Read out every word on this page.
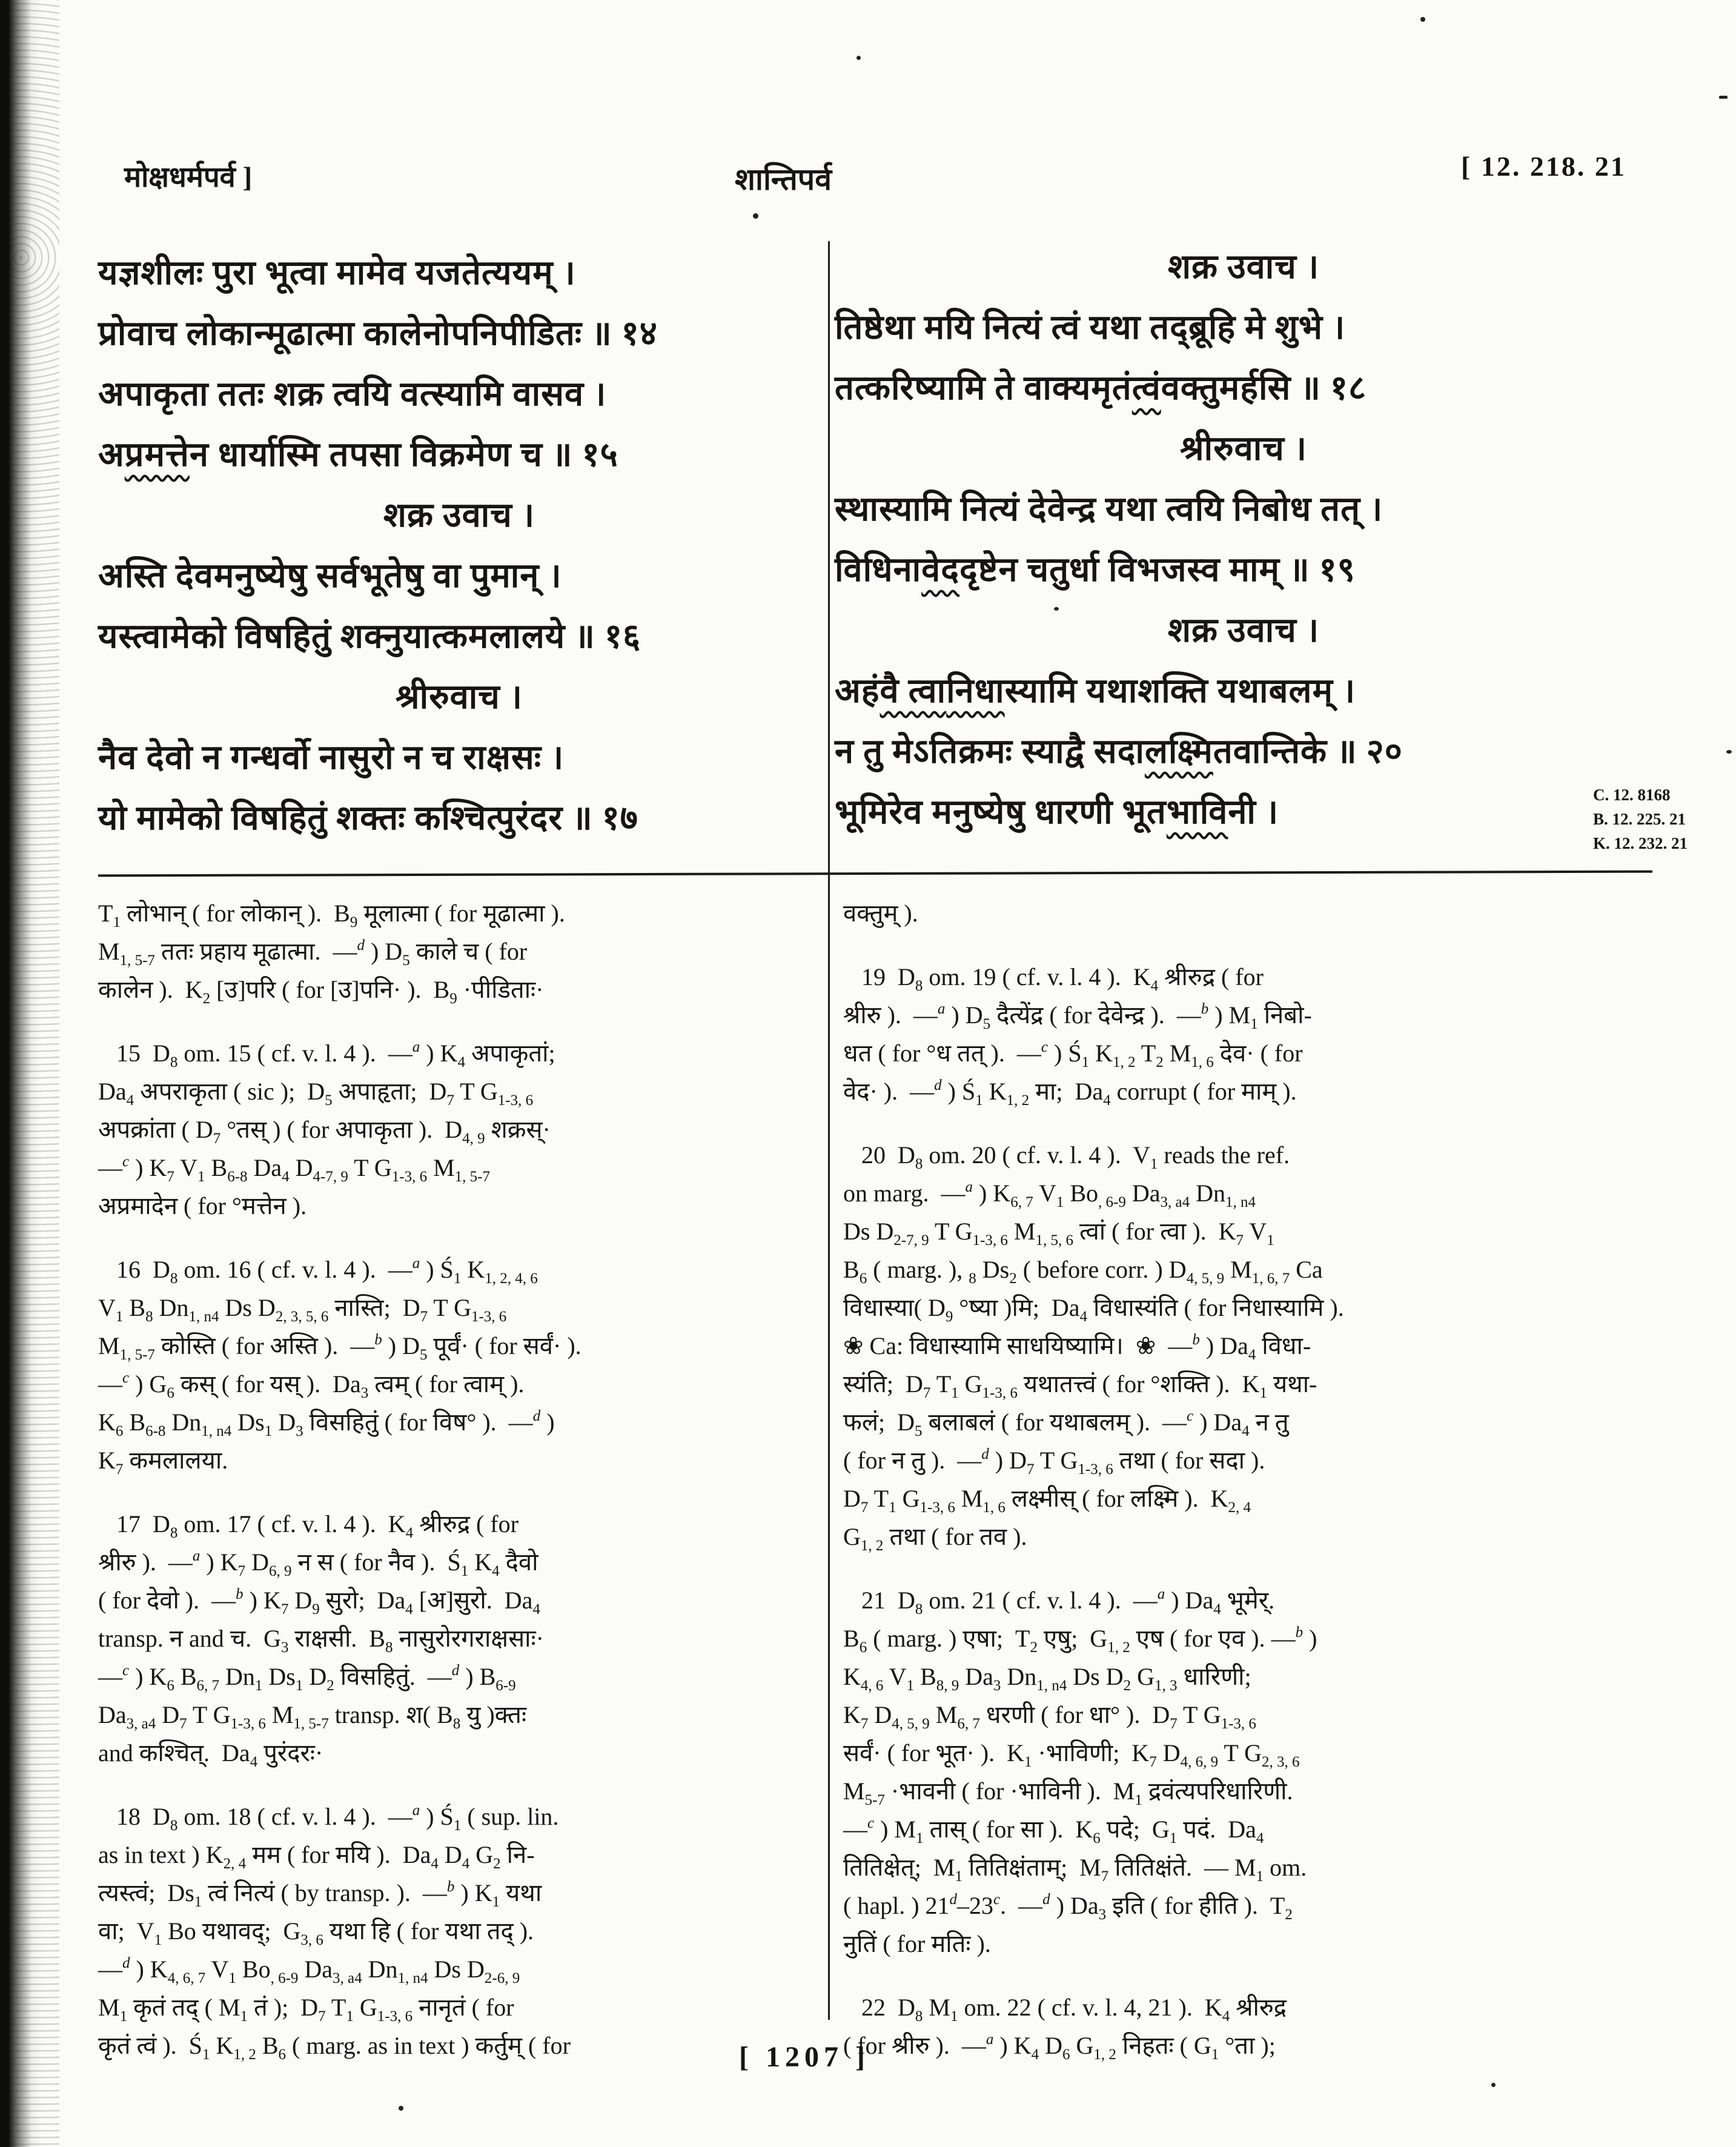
मोक्षधर्मपर्व ]	शान्तिपर्व	[ 12. 218. 21
यज्ञशीलः पुरा भूत्वा मामेव यजतेत्ययम् ।
प्रोवाच लोकान्मूढात्मा कालेनोपनिपीडितः ॥ १४
अपाकृता ततः शक्र त्वयि वत्स्यामि वासव ।
अ प्रमत्ते न धार्यास्मि तपसा विक्रमेण च ॥ १५
शक्र उवाच ।
अस्ति देवमनुष्येषु सर्वभूतेषु वा पुमान् ।
यस्त्वामेको विषहितुं शक्नुयात्कमलालये ॥ १६
श्रीरुवाच ।
नैव देवो न गन्धर्वो नासुरो न च राक्षसः ।
यो मामेको विषहितुं शक्तः कश्चित्पुरंदर ॥ १७
शक्र उवाच ।
तिष्ठेथा मयि नित्यं त्वं यथा तद्ब्रूहि मे शुभे ।
तत्करिष्यामि ते वाक्यमृतं त्वं वक्तुमर्हसि ॥ १८
श्रीरुवाच ।
स्थास्यामि नित्यं देवेन्द्र यथा त्वयि निबोध तत् ।
विधिना वेद दृष्टेन चतुर्धा विभजस्व माम् ॥ १९
शक्र उवाच ।
अहं वै त्वा निधा स्यामि यथाशक्ति यथाबलम् ।
न तु मेऽतिक्रमः स्याद्वै सदा लक्ष्मि तवान्तिके ॥ २०
भूमिरेव मनुष्येषु धारणी भूत भावि नी ।	C. 12. 8168
B. 12. 225. 21
K. 12. 232. 21
$T_1$ लोभान् ( for लोकान् ).  $B_9$ मूलात्मा ( for मूढात्मा ).
$M_{1, 5-7}$ ततः प्रहाय मूढात्मा.  —$^d$ ) $D_5$ काले च ( for
कालेन ).  $K_2$ [उ]परि ( for [उ]पनि· ).  $B_9$ ·पीडिताः·
15  $D_8$ om. 15 ( cf. v. l. 4 ).  —$^a$ ) $K_4$ अपाकृतां;
$Da_4$ अपराकृता ( sic );  $D_5$ अपाहृता;  $D_7$ T $G_{1-3, 6}$
अपक्रांता ( $D_7$ °तस् ) ( for अपाकृता ).  $D_{4, 9}$ शक्रस्·
—$^c$ ) $K_7$ $V_1$ $B_{6-8}$ $Da_4$ $D_{4-7, 9}$ T $G_{1-3, 6}$ $M_{1, 5-7}$
अप्रमादेन ( for °मत्तेन ).
16  $D_8$ om. 16 ( cf. v. l. 4 ).  —$^a$ ) $Ś_1$ $K_{1, 2, 4, 6}$
$V_1$ $B_8$ $Dn_{1, n4}$ Ds $D_{2, 3, 5, 6}$ नास्ति;  $D_7$ T $G_{1-3, 6}$
$M_{1, 5-7}$ कोस्ति ( for अस्ति ).  —$^b$ ) $D_5$ पूर्वं· ( for सर्वं· ).
—$^c$ ) $G_6$ कस् ( for यस् ).  $Da_3$ त्वम् ( for त्वाम् ).
$K_6$ $B_{6-8}$ $Dn_{1, n4}$ $Ds_1$ $D_3$ विसहितुं ( for विष° ).  —$^d$ )
$K_7$ कमलालया.
17  $D_8$ om. 17 ( cf. v. l. 4 ).  $K_4$ श्रीरुद्र ( for
श्रीरु ).  —$^a$ ) $K_7$ $D_{6, 9}$ न स ( for नैव ).  $Ś_1$ $K_4$ दैवो
( for देवो ).  —$^b$ ) $K_7$ $D_9$ सुरो;  $Da_4$ [अ]सुरो.  $Da_4$
transp. न and च.  $G_3$ राक्षसी.  $B_8$ नासुरोरगराक्षसाः·
—$^c$ ) $K_6$ $B_{6, 7}$ $Dn_1$ $Ds_1$ $D_2$ विसहितुं.  —$^d$ ) $B_{6-9}$
$Da_{3, a4}$ $D_7$ T $G_{1-3, 6}$ $M_{1, 5-7}$ transp. श( $B_8$ यु )क्तः
and कश्चित्.  $Da_4$ पुरंदरः·
18  $D_8$ om. 18 ( cf. v. l. 4 ).  —$^a$ ) $Ś_1$ ( sup. lin.
as in text ) $K_{2, 4}$ मम ( for मयि ).  $Da_4$ $D_4$ $G_2$ नि-
त्यस्त्वं;  $Ds_1$ त्वं नित्यं ( by transp. ).  —$^b$ ) $K_1$ यथा
वा;  $V_1$ Bo यथावद्;  $G_{3, 6}$ यथा हि ( for यथा तद् ).
—$^d$ ) $K_{4, 6, 7}$ $V_1$ $Bo_{, 6-9}$ $Da_{3, a4}$ $Dn_{1, n4}$ Ds $D_{2-6, 9}$
$M_1$ कृतं तद् ( $M_1$ तं );  $D_7$ $T_1$ $G_{1-3, 6}$ नानृतं ( for
कृतं त्वं ).  $Ś_1$ $K_{1, 2}$ $B_6$ ( marg. as in text ) कर्तुम् ( for
वक्तुम् ).
19  $D_8$ om. 19 ( cf. v. l. 4 ).  $K_4$ श्रीरुद्र ( for
श्रीरु ).  —$^a$ ) $D_5$ दैत्येंद्र ( for देवेन्द्र ).  —$^b$ ) $M_1$ निबो-
धत ( for °ध तत् ).  —$^c$ ) $Ś_1$ $K_{1, 2}$ $T_2$ $M_{1, 6}$ देव· ( for
वेद· ).  —$^d$ ) $Ś_1$ $K_{1, 2}$ मा;  $Da_4$ corrupt ( for माम् ).
20  $D_8$ om. 20 ( cf. v. l. 4 ).  $V_1$ reads the ref.
on marg.  —$^a$ ) $K_{6, 7}$ $V_1$ $Bo_{, 6-9}$ $Da_{3, a4}$ $Dn_{1, n4}$
Ds $D_{2-7, 9}$ T $G_{1-3, 6}$ $M_{1, 5, 6}$ त्वां ( for त्वा ).  $K_7$ $V_1$
$B_6$ ( marg. ), $_8$ $Ds_2$ ( before corr. ) $D_{4, 5, 9}$ $M_{1, 6, 7}$ Ca
विधास्या( $D_9$ °ष्या )मि;  $Da_4$ विधास्यंति ( for निधास्यामि ).
❀ Ca: विधास्यामि साधयिष्यामि।  ❀  —$^b$ ) $Da_4$ विधा-
स्यंति;  $D_7$ $T_1$ $G_{1-3, 6}$ यथातत्त्वं ( for °शक्ति ).  $K_1$ यथा-
फलं;  $D_5$ बलाबलं ( for यथाबलम् ).  —$^c$ ) $Da_4$ न तु
( for न तु ).  —$^d$ ) $D_7$ T $G_{1-3, 6}$ तथा ( for सदा ).
$D_7$ $T_1$ $G_{1-3, 6}$ $M_{1, 6}$ लक्ष्मीस् ( for लक्ष्मि ).  $K_{2, 4}$
$G_{1, 2}$ तथा ( for तव ).
21  $D_8$ om. 21 ( cf. v. l. 4 ).  —$^a$ ) $Da_4$ भूमेर्.
$B_6$ ( marg. ) एषा;  $T_2$ एषु;  $G_{1, 2}$ एष ( for एव ). —$^b$ )
$K_{4, 6}$ $V_1$ $B_{8, 9}$ $Da_3$ $Dn_{1, n4}$ Ds $D_2$ $G_{1, 3}$ धारिणी;
$K_7$ $D_{4, 5, 9}$ $M_{6, 7}$ धरणी ( for धा° ).  $D_7$ T $G_{1-3, 6}$
सर्वं· ( for भूत· ).  $K_1$ ·भाविणी;  $K_7$ $D_{4, 6, 9}$ T $G_{2, 3, 6}$
$M_{5-7}$ ·भावनी ( for ·भाविनी ).  $M_1$ द्रवंत्यपरिधारिणी.
—$^c$ ) $M_1$ तास् ( for सा ).  $K_6$ पदे;  $G_1$ पदं.  $Da_4$
तितिक्षेत्;  $M_1$ तितिक्षंताम्;  $M_7$ तितिक्षंते.  — $M_1$ om.
( hapl. ) 21$^d$–23$^c$.  —$^d$ ) $Da_3$ इति ( for हीति ).  $T_2$
नुतिं ( for मतिः ).
22  $D_8$ $M_1$ om. 22 ( cf. v. l. 4, 21 ).  $K_4$ श्रीरुद्र
( for श्रीरु ).  —$^a$ ) $K_4$ $D_6$ $G_{1, 2}$ निहतः ( $G_1$ °ता );
[ 1207 ]
